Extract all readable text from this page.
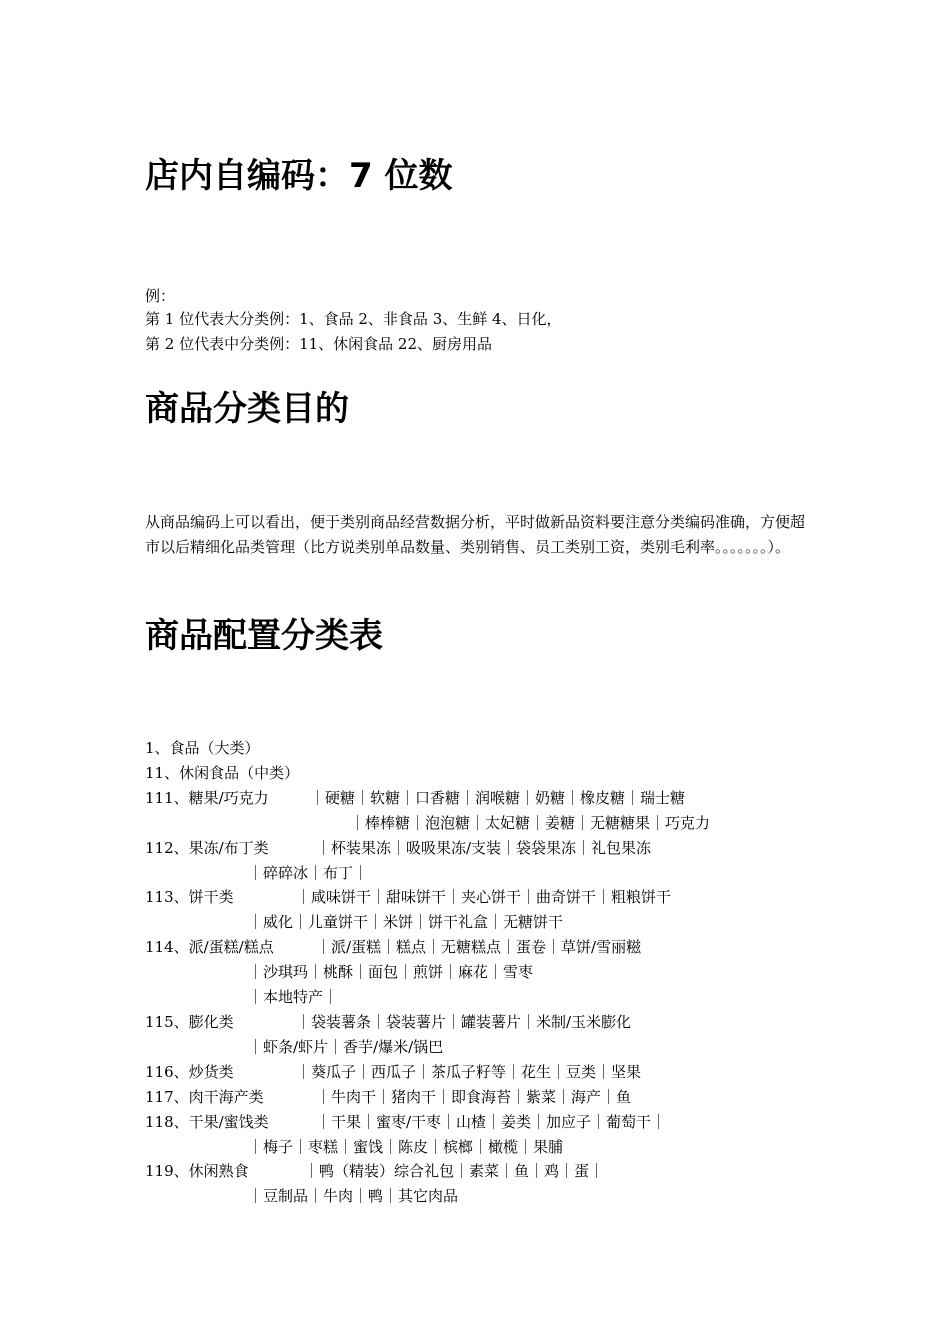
店内自编码：7 位数
例：
第 1 位代表大分类例：1、食品 2、非食品 3、生鲜 4、日化，
第 2 位代表中分类例：11、休闲食品 22、厨房用品
商品分类目的

从商品编码上可以看出，便于类别商品经营数据分析，平时做新品资料要注意分类编码准确，方便超市以后精细化品类管理（比方说类别单品数量、类别销售、员工类别工资，类别毛利率。。。。。。。）。

商品配置分类表
1、食品（大类）
11、休闲食品（中类）
111、糖果/巧克力	｜硬糖｜软糖｜口香糖｜润喉糖｜奶糖｜橡皮糖｜瑞士糖
｜棒棒糖｜泡泡糖｜太妃糖｜姜糖｜无糖糖果｜巧克力
112、果冻/布丁类	｜杯装果冻｜吸吸果冻/支装｜袋袋果冻｜礼包果冻
｜碎碎冰｜布丁｜
113、饼干类	｜咸味饼干｜甜味饼干｜夹心饼干｜曲奇饼干｜粗粮饼干
｜威化｜儿童饼干｜米饼｜饼干礼盒｜无糖饼干
114、派/蛋糕/糕点	｜派/蛋糕｜糕点｜无糖糕点｜蛋卷｜草饼/雪丽糍
｜沙琪玛｜桃酥｜面包｜煎饼｜麻花｜雪枣
｜本地特产｜
115、膨化类	｜袋装薯条｜袋装薯片｜罐装薯片｜米制/玉米膨化
｜虾条/虾片｜香芋/爆米/锅巴
116、炒货类	｜葵瓜子｜西瓜子｜茶瓜子籽等｜花生｜豆类｜坚果
117、肉干海产类	｜牛肉干｜猪肉干｜即食海苔｜紫菜｜海产｜鱼
118、干果/蜜饯类	｜干果｜蜜枣/干枣｜山楂｜姜类｜加应子｜葡萄干｜
｜梅子｜枣糕｜蜜饯｜陈皮｜槟榔｜橄榄｜果脯
119、休闲熟食	｜鸭（精装）综合礼包｜素菜｜鱼｜鸡｜蛋｜
｜豆制品｜牛肉｜鸭｜其它肉品
